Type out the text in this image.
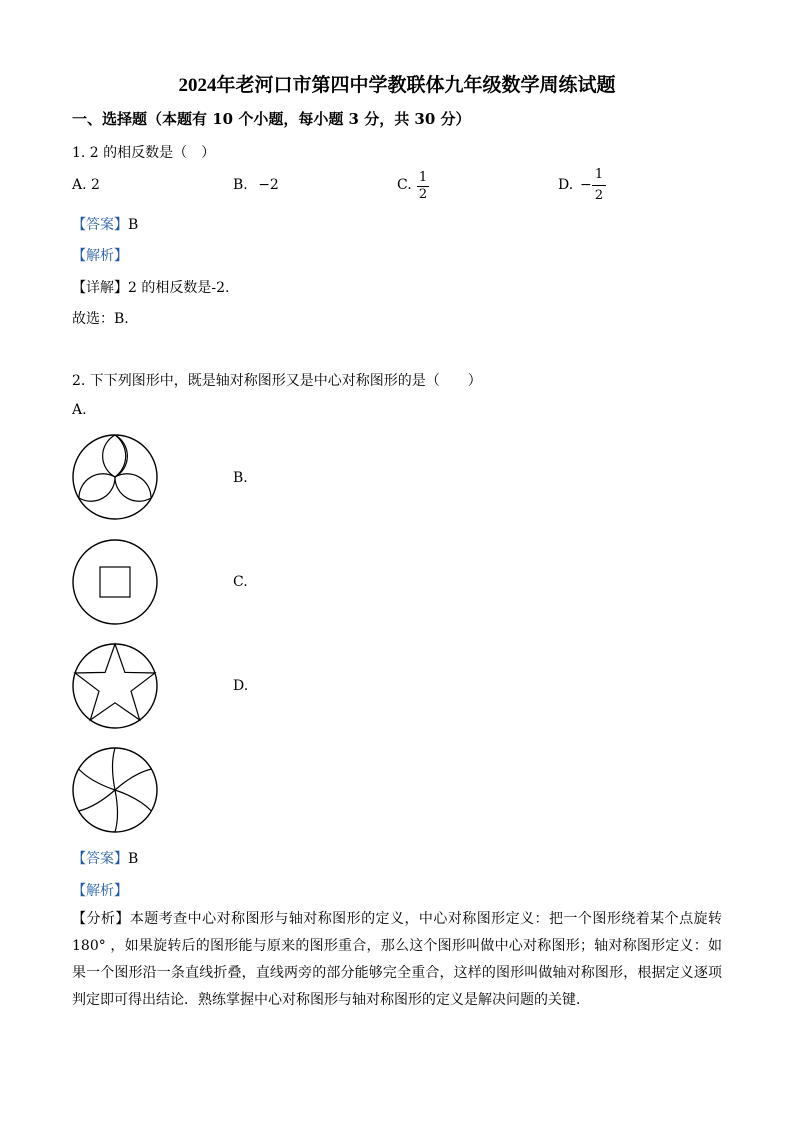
2024年老河口市第四中学教联体九年级数学周练试题
一、选择题（本题有 10 个小题，每小题 3 分，共 30 分）
1. 2 的相反数是（　）
A. 2	B. −2	C. 1
2
D. −
1
2
【答案】B
【解析】
【详解】2 的相反数是-2.
故选：B.
2. 下下列图形中，既是轴对称图形又是中心对称图形的是（　　）
A.
B.
C.
D.
【答案】B
【解析】
【分析】本题考查中心对称图形与轴对称图形的定义，中心对称图形定义：把一个图形绕着某个点旋转 180° ，如果旋转后的图形能与原来的图形重合，那么这个图形叫做中心对称图形；轴对称图形定义：如果一个图形沿一条直线折叠，直线两旁的部分能够完全重合，这样的图形叫做轴对称图形，根据定义逐项判定即可得出结论．熟练掌握中心对称图形与轴对称图形的定义是解决问题的关键．
